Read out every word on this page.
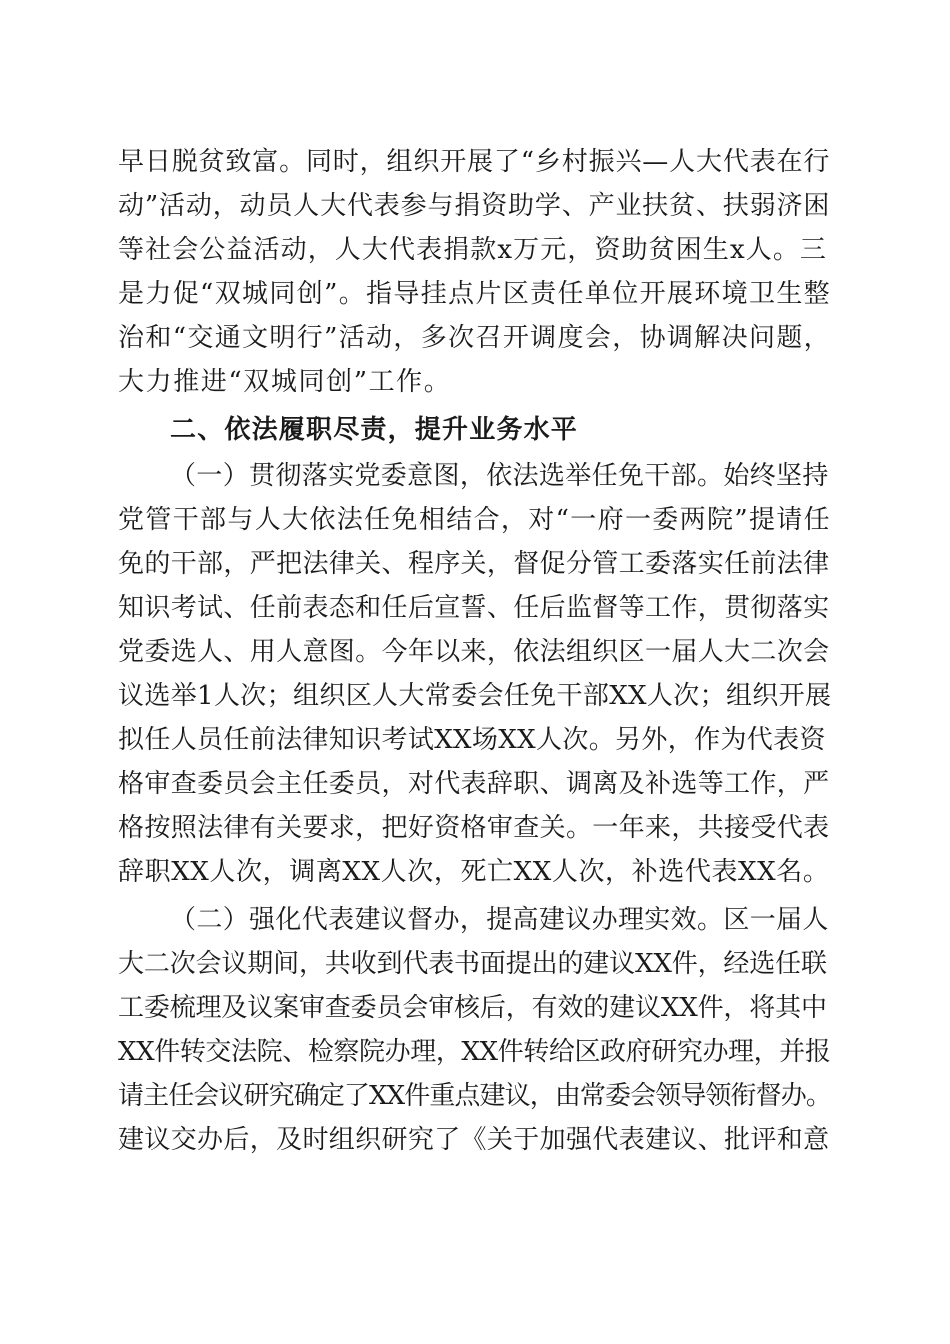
早日脱贫致富。同时，组织开展了“乡村振兴—人大代表在行
动”活动，动员人大代表参与捐资助学、产业扶贫、扶弱济困
等社会公益活动，人大代表捐款x万元，资助贫困生x人。三
是力促“双城同创”。指导挂点片区责任单位开展环境卫生整
治和“交通文明行”活动，多次召开调度会，协调解决问题，
大力推进“双城同创”工作。
二、依法履职尽责，提升业务水平
（一）贯彻落实党委意图，依法选举任免干部。始终坚持
党管干部与人大依法任免相结合，对“一府一委两院”提请任
免的干部，严把法律关、程序关，督促分管工委落实任前法律
知识考试、任前表态和任后宣誓、任后监督等工作，贯彻落实
党委选人、用人意图。今年以来，依法组织区一届人大二次会
议选举1人次；组织区人大常委会任免干部XX人次；组织开展
拟任人员任前法律知识考试XX场XX人次。另外，作为代表资
格审查委员会主任委员，对代表辞职、调离及补选等工作，严
格按照法律有关要求，把好资格审查关。一年来，共接受代表
辞职XX人次，调离XX人次，死亡XX人次，补选代表XX名。
（二）强化代表建议督办，提高建议办理实效。区一届人
大二次会议期间，共收到代表书面提出的建议XX件，经选任联
工委梳理及议案审查委员会审核后，有效的建议XX件，将其中
XX件转交法院、检察院办理，XX件转给区政府研究办理，并报
请主任会议研究确定了XX件重点建议，由常委会领导领衔督办。
建议交办后，及时组织研究了《关于加强代表建议、批评和意
